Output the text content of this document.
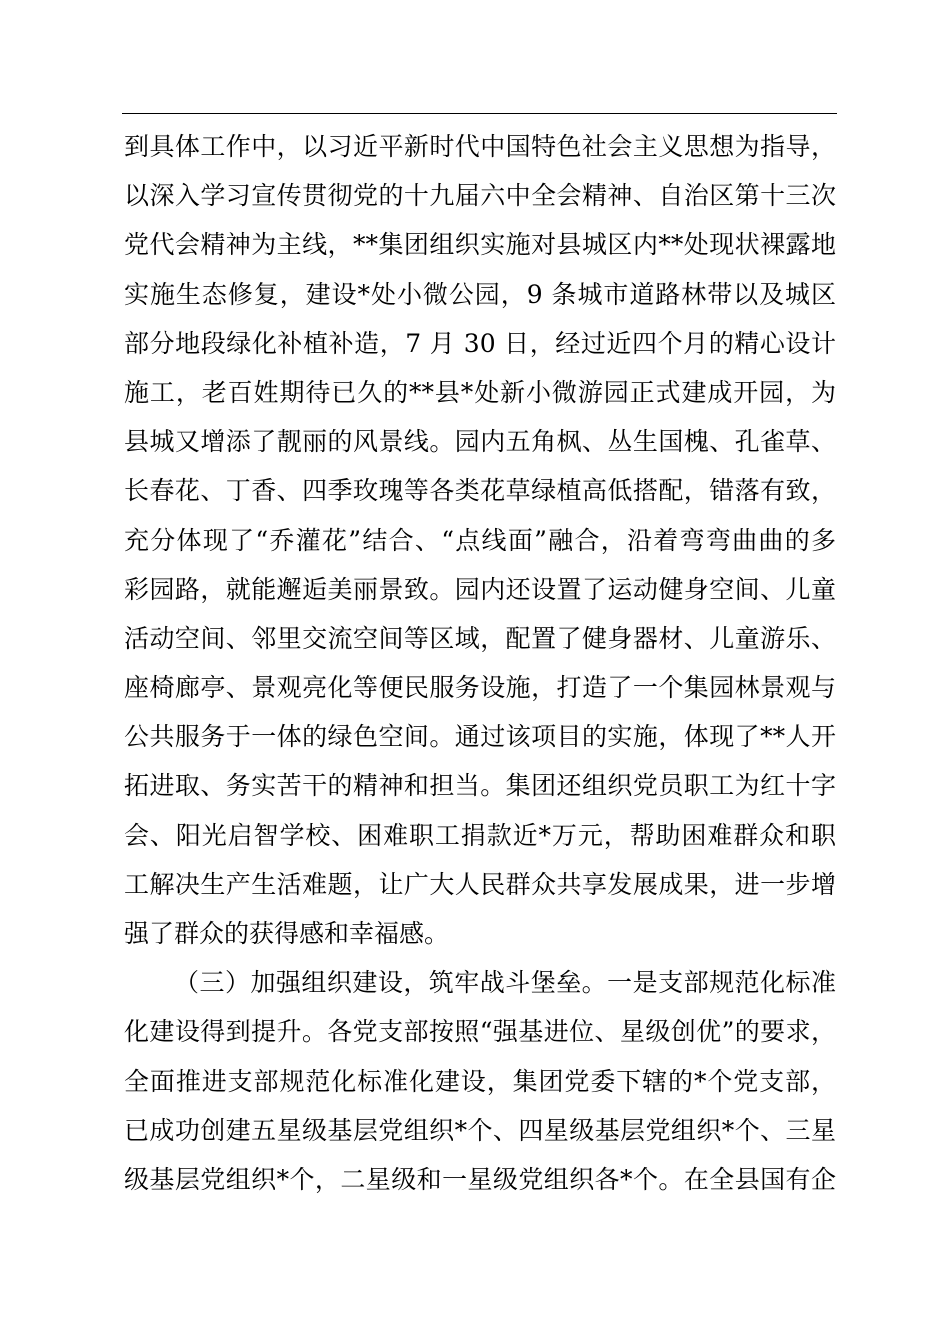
到具体工作中，以习近平新时代中国特色社会主义思想为指导，
以深入学习宣传贯彻党的十九届六中全会精神、自治区第十三次
党代会精神为主线，**集团组织实施对县城区内**处现状裸露地
实施生态修复，建设*处小微公园，9 条城市道路林带以及城区
部分地段绿化补植补造，7 月 30 日，经过近四个月的精心设计
施工，老百姓期待已久的**县*处新小微游园正式建成开园，为
县城又增添了靓丽的风景线。园内五角枫、丛生国槐、孔雀草、
长春花、丁香、四季玫瑰等各类花草绿植高低搭配，错落有致，
充分体现了“乔灌花”结合、“点线面”融合，沿着弯弯曲曲的多
彩园路，就能邂逅美丽景致。园内还设置了运动健身空间、儿童
活动空间、邻里交流空间等区域，配置了健身器材、儿童游乐、
座椅廊亭、景观亮化等便民服务设施，打造了一个集园林景观与
公共服务于一体的绿色空间。通过该项目的实施，体现了**人开
拓进取、务实苦干的精神和担当。集团还组织党员职工为红十字
会、阳光启智学校、困难职工捐款近*万元，帮助困难群众和职
工解决生产生活难题，让广大人民群众共享发展成果，进一步增
强了群众的获得感和幸福感。
（三）加强组织建设，筑牢战斗堡垒。一是支部规范化标准
化建设得到提升。各党支部按照“强基进位、星级创优”的要求，
全面推进支部规范化标准化建设，集团党委下辖的*个党支部，
已成功创建五星级基层党组织*个、四星级基层党组织*个、三星
级基层党组织*个，二星级和一星级党组织各*个。在全县国有企
